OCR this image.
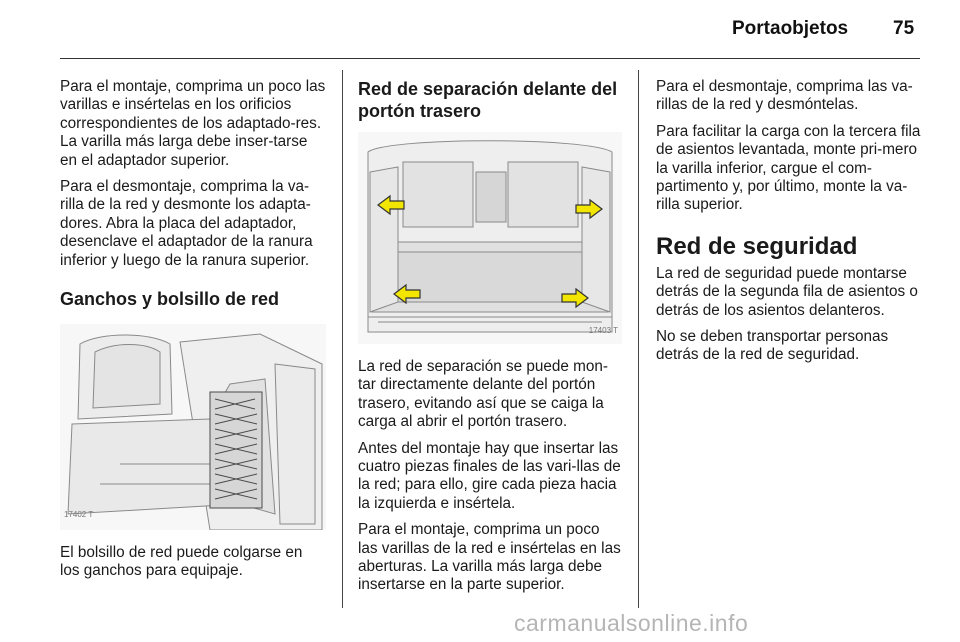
Portaobjetos 75

Para el montaje, comprima un poco las varillas e insértelas en los orificios correspondientes de los adaptado-res. La varilla más larga debe inser-tarse en el adaptador superior.

Para el desmontaje, comprima la va-rilla de la red y desmonte los adapta-dores. Abra la placa del adaptador, desenclave el adaptador de la ranura inferior y luego de la ranura superior.

Ganchos y bolsillo de red
17402 T

El bolsillo de red puede colgarse en los ganchos para equipaje.

Red de separación delante del portón trasero
17403 T

La red de separación se puede mon-tar directamente delante del portón trasero, evitando así que se caiga la carga al abrir el portón trasero.

Antes del montaje hay que insertar las cuatro piezas finales de las vari-llas de la red; para ello, gire cada pieza hacia la izquierda e insértela.

Para el montaje, comprima un poco las varillas de la red e insértelas en las aberturas. La varilla más larga debe insertarse en la parte superior.

Para el desmontaje, comprima las va-rillas de la red y desmóntelas.

Para facilitar la carga con la tercera fila de asientos levantada, monte pri-mero la varilla inferior, cargue el com-partimento y, por último, monte la va-rilla superior.

Red de seguridad

La red de seguridad puede montarse detrás de la segunda fila de asientos o detrás de los asientos delanteros.

No se deben transportar personas detrás de la red de seguridad.

carmanualsonline.info
